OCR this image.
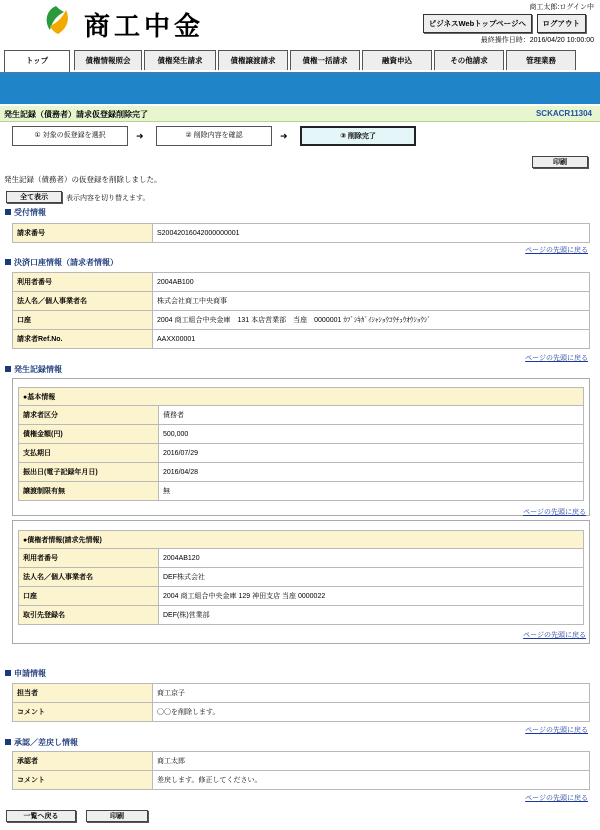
商工中金
商工太郎:ログイン中
ビジネスWebトップページへ	ログアウト
最終操作日時：2016/04/20 10:00:00
トップ	債権情報照会	債権発生請求	債権譲渡請求	債権一括請求	融資申込	その他請求	管理業務
発生記録（債務者）請求仮登録削除完了	SCKACR11304
① 対象の仮登録を選択	➜	② 削除内容を確認	➜	③ 削除完了
印刷
発生記録（債務者）の仮登録を削除しました。
全て表示	表示内容を切り替えます。
受付情報
請求番号	S20042016042000000001
ページの先頭に戻る
決済口座情報（請求者情報）
利用者番号	2004AB100
法人名／個人事業者名	株式会社商工中央商事
口座	2004 商工組合中央金庫　131 本店営業部　当座　0000001 ｶﾌﾞｼｷｶﾞｲｼｬｼｮｳｺｳﾁｭｳｵｳｼｮｳｼﾞ
請求者Ref.No.	AAXX00001
ページの先頭に戻る
発生記録情報
●基本情報	
請求者区分	債務者
債権金額(円)	500,000
支払期日	2016/07/29
振出日(電子記録年月日)	2016/04/28
譲渡制限有無	無
ページの先頭に戻る
●債権者情報(請求先情報)	
利用者番号	2004AB120
法人名／個人事業者名	DEF株式会社
口座	2004 商工組合中央金庫 129 神田支店 当座 0000022
取引先登録名	DEF(株)営業部
ページの先頭に戻る
申請情報
担当者	商工京子
コメント	〇〇を削除します。
ページの先頭に戻る
承認／差戻し情報
承認者	商工太郎
コメント	差戻します。修正してください。
ページの先頭に戻る
一覧へ戻る	印刷
